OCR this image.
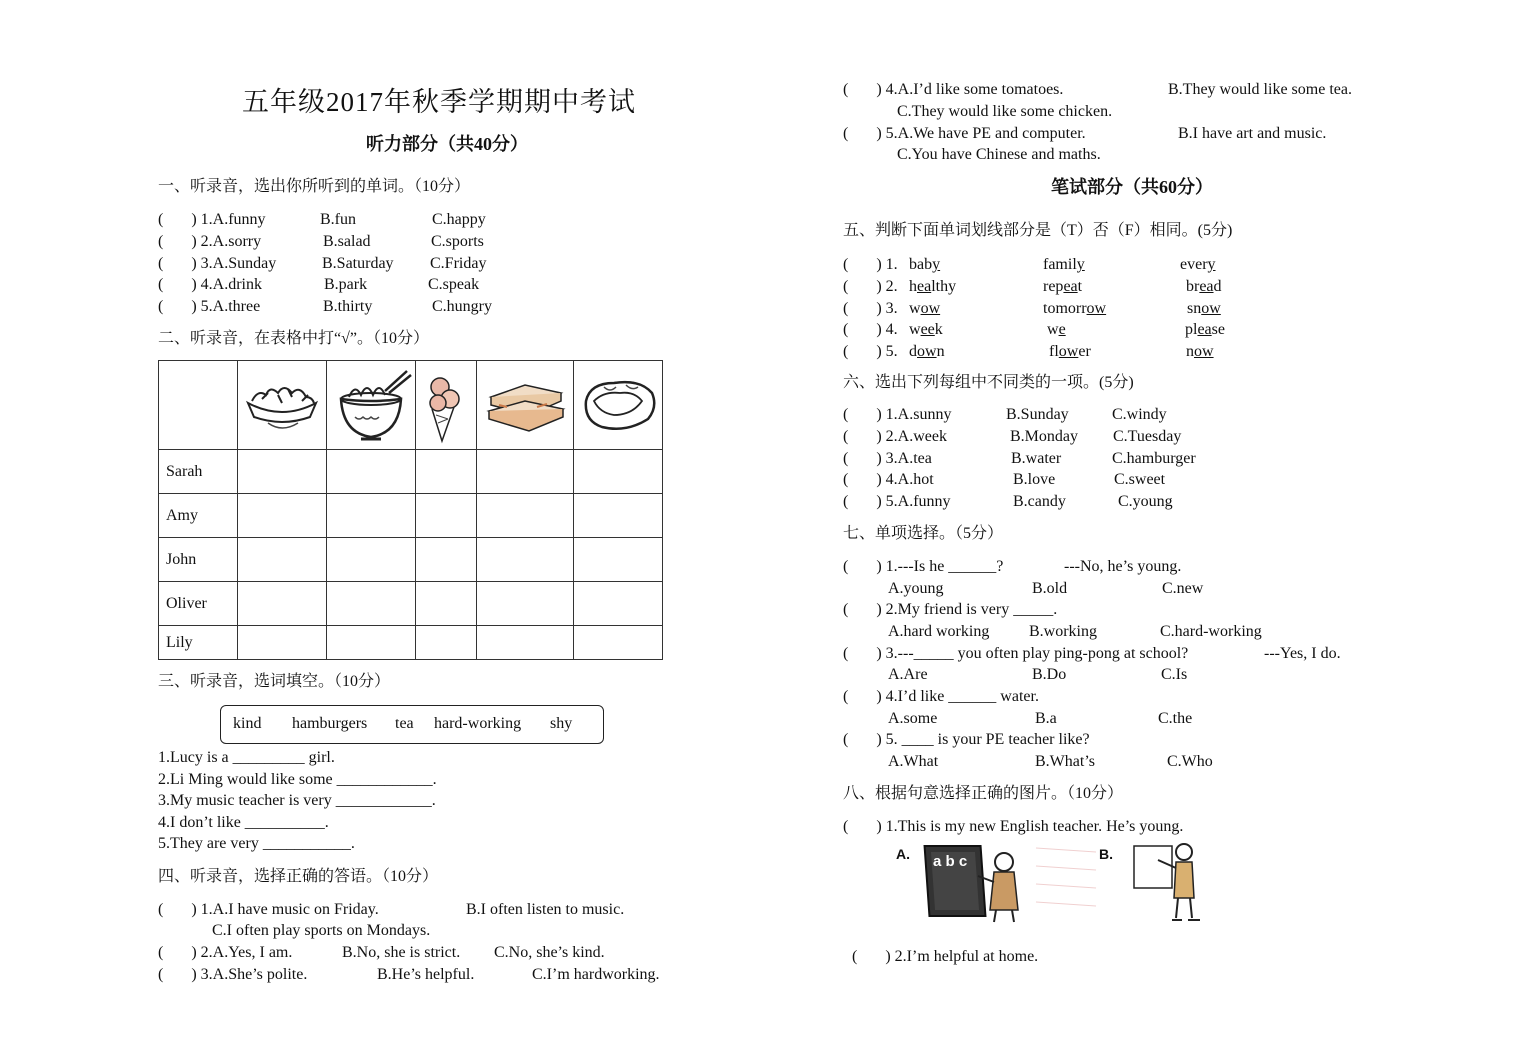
五年级2017年秋季学期期中考试
听力部分（共40分）
一、听录音，选出你所听到的单词。（10分）
(       ) 1.A.funny	B.fun	C.happy
(       ) 2.A.sorry	B.salad	C.sports
(       ) 3.A.Sunday	B.Saturday C.Friday
(       ) 4.A.drink	B.park	C.speak
(       ) 5.A.three	B.thirty	C.hungry
二、听录音，在表格中打“√”。（10分）

Sarah					
Amy					
John					
Oliver					
Lily					
三、听录音，选词填空。（10分）
kind hamburgers tea hard-working shy
1.Lucy is a _________ girl.
2.Li Ming would like some ____________.
3.My music teacher is very ____________.
4.I don’t like __________.
5.They are very ___________.
四、听录音，选择正确的答语。（10分）
(       ) 1.A.I have music on Friday.	B.I often listen to music.
C.I often play sports on Mondays.
(       ) 2.A.Yes, I am.	B.No, she is strict. C.No, she’s kind.
(       ) 3.A.She’s polite.	B.He’s helpful.	C.I’m hardworking.
(       ) 4.A.I’d like some tomatoes.	B.They would like some tea.
C.They would like some chicken.
(       ) 5.A.We have PE and computer.	B.I have art and music.
C.You have Chinese and maths.
笔试部分（共60分）
五、判断下面单词划线部分是（T）否（F）相同。(5分)
(       ) 1. baby	family	every
(       ) 2. healthy	repeat	bread
(       ) 3. wow	tomorrow	snow
(       ) 4. week	we	please
(       ) 5. down	flower	now
六、选出下列每组中不同类的一项。(5分)
(       ) 1.A.sunny	B.Sunday	C.windy
(       ) 2.A.week	B.Monday C.Tuesday
(       ) 3.A.tea	B.water	C.hamburger
(       ) 4.A.hot	B.love	C.sweet
(       ) 5.A.funny	B.candy	C.young
七、单项选择。（5分）
(       ) 1.---Is he ______?	---No, he’s young.
A.young	B.old	C.new
(       ) 2.My friend is very _____.
A.hard working B.working	C.hard-working
(       ) 3.---_____ you often play ping-pong at school?	---Yes, I do.
A.Are	B.Do	C.Is
(       ) 4.I’d like ______ water.
A.some	B.a	C.the
(       ) 5. ____ is your PE teacher like?
A.What	B.What’s	C.Who
八、根据句意选择正确的图片。（10分）
(       ) 1.This is my new English teacher. He’s young.
A. a b c	B.
(       ) 2.I’m helpful at home.
